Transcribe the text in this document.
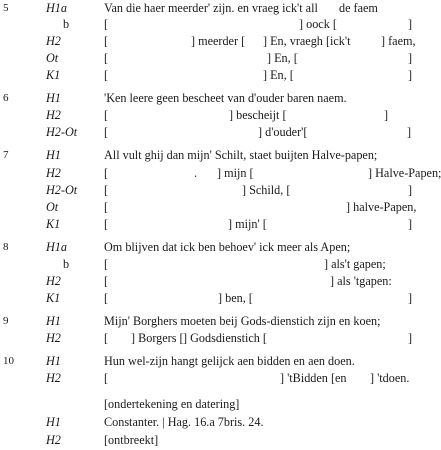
5	H1a	Van die haer meerder' zijn. en vraeg ick't all de faem
b	[	] oock [	]
H2	[	] meerder [ ] En, vraegh [ick't	] faem,
Ot	[	] En, [	]
K1	[	] En, [	]
6	H1	'Ken leere geen bescheet van d'ouder baren naem.
H2	[	] bescheijt [	]
H2-Ot [	] d'ouder'[	]
7	H1	All vult ghij dan mijn' Schilt, staet buijten Halve-papen;
H2	[	. ] mijn [	] Halve-Papen;
H2-Ot [	] Schild, [	]
Ot	[	] halve-Papen,
K1	[	] mijn' [	]
8	H1a	Om blijven dat ick ben behoev' ick meer als Apen;
b	[	] als't gapen;
H2	[	] als 'tgapen:
K1	[	] ben, [	]
9	H1	Mijn' Borghers moeten beij Gods-dienstich zijn en koen;
H2	[ ] Borgers [ ] Godsdienstich [	]
10	H1	Hun wel-zijn hangt gelijck aen bidden en aen doen.
H2	[	] 'tBidden [en ] 'tdoen.
[ondertekening en datering]
H1	Constanter. | Hag. 16.a 7bris. 24.
H2	[ontbreekt]
